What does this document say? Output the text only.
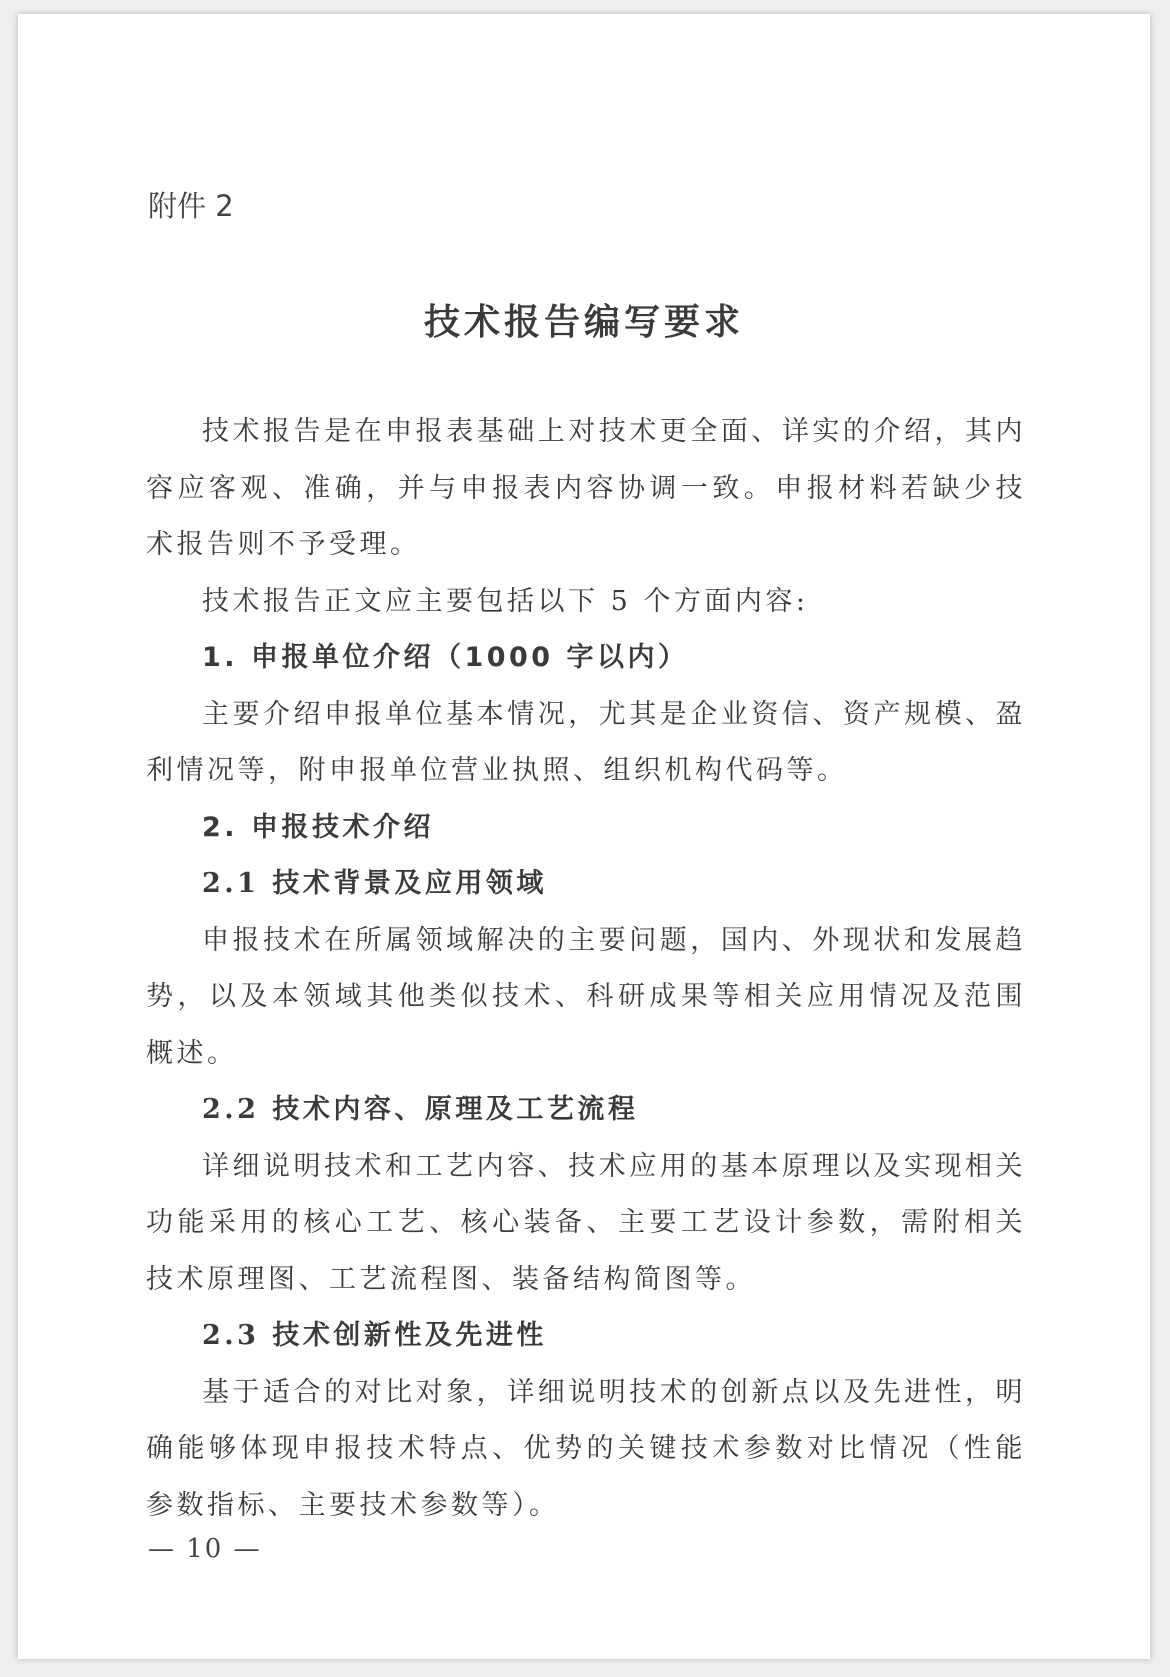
附件 2
技术报告编写要求

技术报告是在申报表基础上对技术更全面、详实的介绍，其内容应客观、准确，并与申报表内容协调一致。申报材料若缺少技术报告则不予受理。

技术报告正文应主要包括以下 5 个方面内容:

1. 申报单位介绍（1000 字以内）

主要介绍申报单位基本情况，尤其是企业资信、资产规模、盈利情况等，附申报单位营业执照、组织机构代码等。

2. 申报技术介绍

2.1 技术背景及应用领域

申报技术在所属领域解决的主要问题，国内、外现状和发展趋势，以及本领域其他类似技术、科研成果等相关应用情况及范围概述。

2.2 技术内容、原理及工艺流程

详细说明技术和工艺内容、技术应用的基本原理以及实现相关功能采用的核心工艺、核心装备、主要工艺设计参数，需附相关技术原理图、工艺流程图、装备结构简图等。

2.3 技术创新性及先进性

基于适合的对比对象，详细说明技术的创新点以及先进性，明确能够体现申报技术特点、优势的关键技术参数对比情况（性能参数指标、主要技术参数等）。

— 10 —
